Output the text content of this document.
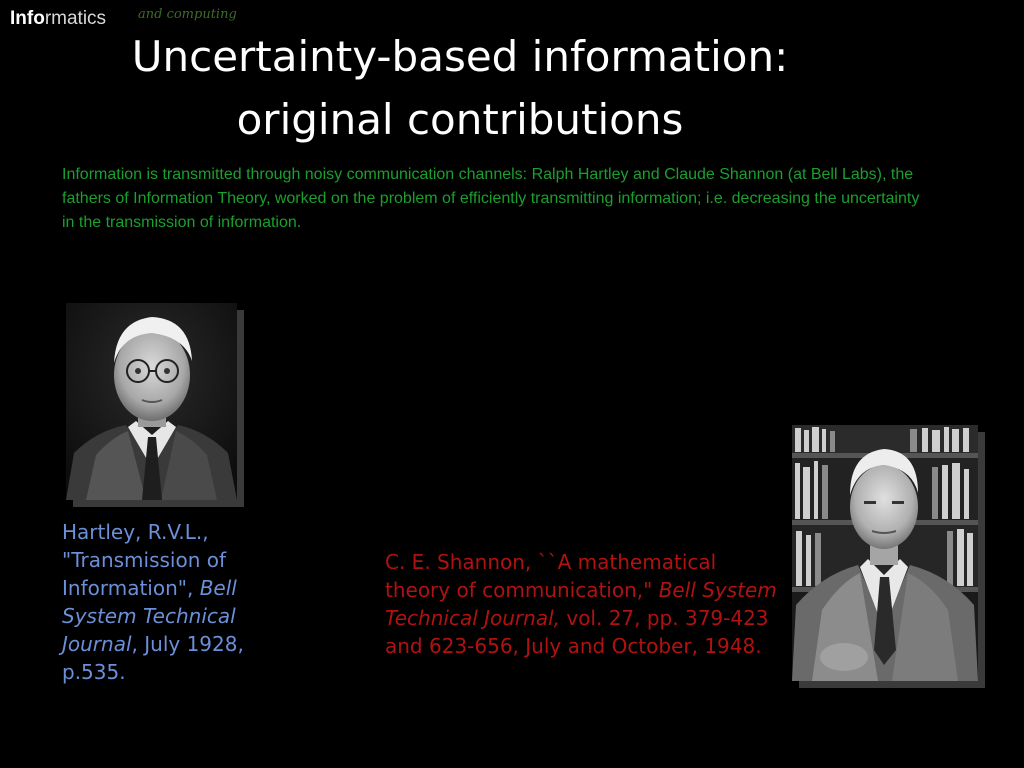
Informatics and computing
Uncertainty-based information:
original contributions
Information is transmitted through noisy communication channels: Ralph Hartley and Claude Shannon (at Bell Labs), the fathers of Information Theory, worked on the problem of efficiently transmitting information; i.e. decreasing the uncertainty in the transmission of information.
Hartley, R.V.L., "Transmission of Information", Bell System Technical Journal, July 1928, p.535.
C. E. Shannon, ``A mathematical theory of communication," Bell System Technical Journal, vol. 27, pp. 379-423 and 623-656, July and October, 1948.
